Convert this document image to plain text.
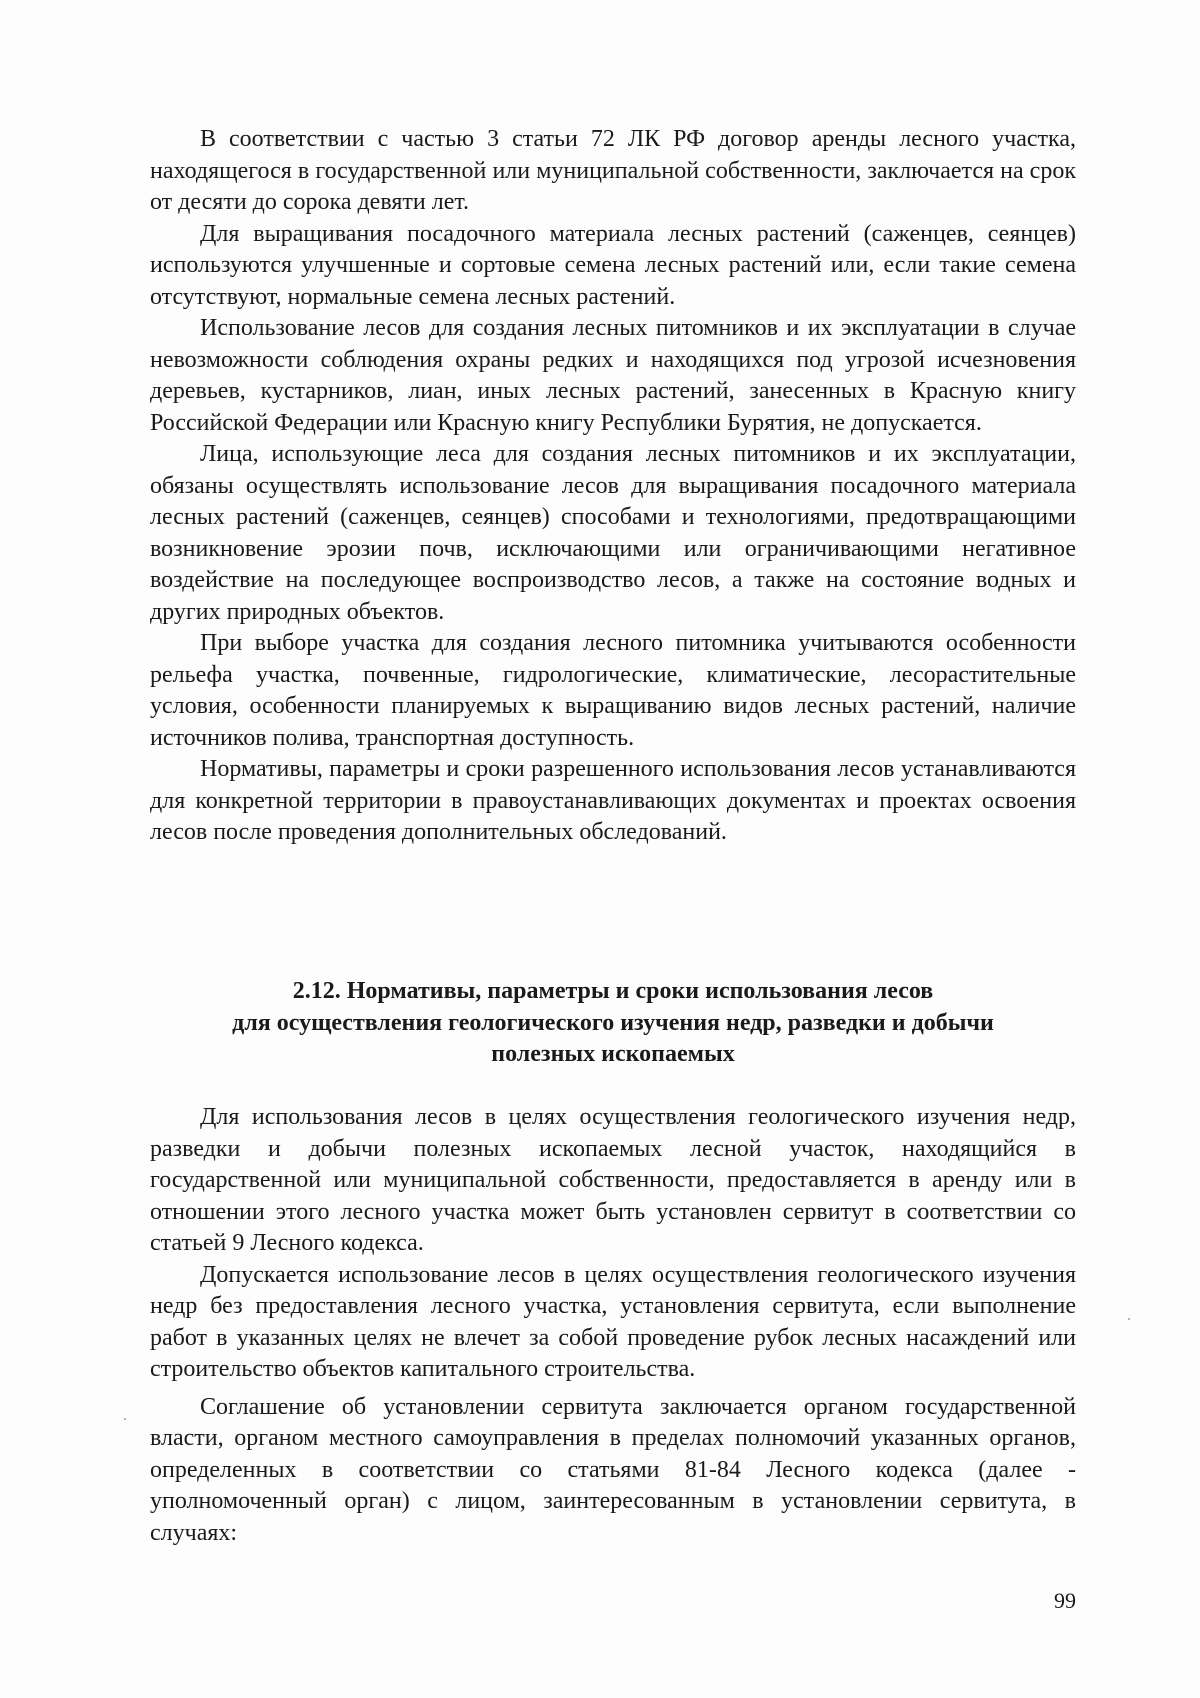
В соответствии с частью 3 статьи 72 ЛК РФ договор аренды лесного участка, находящегося в государственной или муниципальной собственности, заключается на срок от десяти до сорока девяти лет.

Для выращивания посадочного материала лесных растений (саженцев, сеянцев) используются улучшенные и сортовые семена лесных растений или, если такие семена отсутствуют, нормальные семена лесных растений.

Использование лесов для создания лесных питомников и их эксплуатации в случае невозможности соблюдения охраны редких и находящихся под угрозой исчезновения деревьев, кустарников, лиан, иных лесных растений, занесенных в Красную книгу Российской Федерации или Красную книгу Республики Бурятия, не допускается.

Лица, использующие леса для создания лесных питомников и их эксплуатации, обязаны осуществлять использование лесов для выращивания посадочного материала лесных растений (саженцев, сеянцев) способами и технологиями, предотвращающими возникновение эрозии почв, исключающими или ограничивающими негативное воздействие на последующее воспроизводство лесов, а также на состояние водных и других природных объектов.

При выборе участка для создания лесного питомника учитываются особенности рельефа участка, почвенные, гидрологические, климатические, лесорастительные условия, особенности планируемых к выращиванию видов лесных растений, наличие источников полива, транспортная доступность.

Нормативы, параметры и сроки разрешенного использования лесов устанавливаются для конкретной территории в правоустанавливающих документах и проектах освоения лесов после проведения дополнительных обследований.

2.12. Нормативы, параметры и сроки использования лесов
для осуществления геологического изучения недр, разведки и добычи
полезных ископаемых

Для использования лесов в целях осуществления геологического изучения недр, разведки и добычи полезных ископаемых лесной участок, находящийся в государственной или муниципальной собственности, предоставляется в аренду или в отношении этого лесного участка может быть установлен сервитут в соответствии со статьей 9 Лесного кодекса.

Допускается использование лесов в целях осуществления геологического изучения недр без предоставления лесного участка, установления сервитута, если выполнение работ в указанных целях не влечет за собой проведение рубок лесных насаждений или строительство объектов капитального строительства.

Соглашение об установлении сервитута заключается органом государственной власти, органом местного самоуправления в пределах полномочий указанных органов, определенных в соответствии со статьями 81-84 Лесного кодекса (далее - уполномоченный орган) с лицом, заинтересованным в установлении сервитута, в случаях:

99
